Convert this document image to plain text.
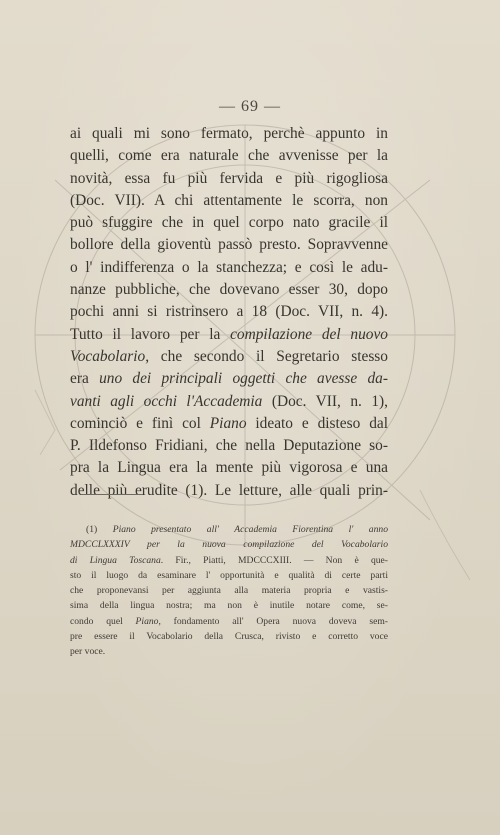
— 69 —
ai quali mi sono fermato, perchè appunto in
quelli, come era naturale che avvenisse per la
novità, essa fu più fervida e più rigogliosa
(Doc. VII). A chi attentamente le scorra, non
può sfuggire che in quel corpo nato gracile il
bollore della gioventù passò presto. Sopravvenne
o l' indifferenza o la stanchezza; e così le adu-
nanze pubbliche, che dovevano esser 30, dopo
pochi anni si ristrinsero a 18 (Doc. VII, n. 4).
Tutto il lavoro per la compilazione del nuovo
Vocabolario, che secondo il Segretario stesso
era uno dei principali oggetti che avesse da-
vanti agli occhi l'Accademia (Doc. VII, n. 1),
cominciò e finì col Piano ideato e disteso dal
P. Ildefonso Fridiani, che nella Deputazione so-
pra la Lingua era la mente più vigorosa e una
delle più erudite (1). Le letture, alle quali prin-
(1) Piano presentato all' Accademia Fiorentina l' anno
MDCCLXXXIV per la nuova compilazione del Vocabolario
di Lingua Toscana. Fir., Piatti, MDCCCXIII. — Non è que-
sto il luogo da esaminare l' opportunità e qualità di certe parti
che proponevansi per aggiunta alla materia propria e vastis-
sima della lingua nostra; ma non è inutile notare come, se-
condo quel Piano, fondamento all' Opera nuova doveva sem-
pre essere il Vocabolario della Crusca, rivisto e corretto voce
per voce.
